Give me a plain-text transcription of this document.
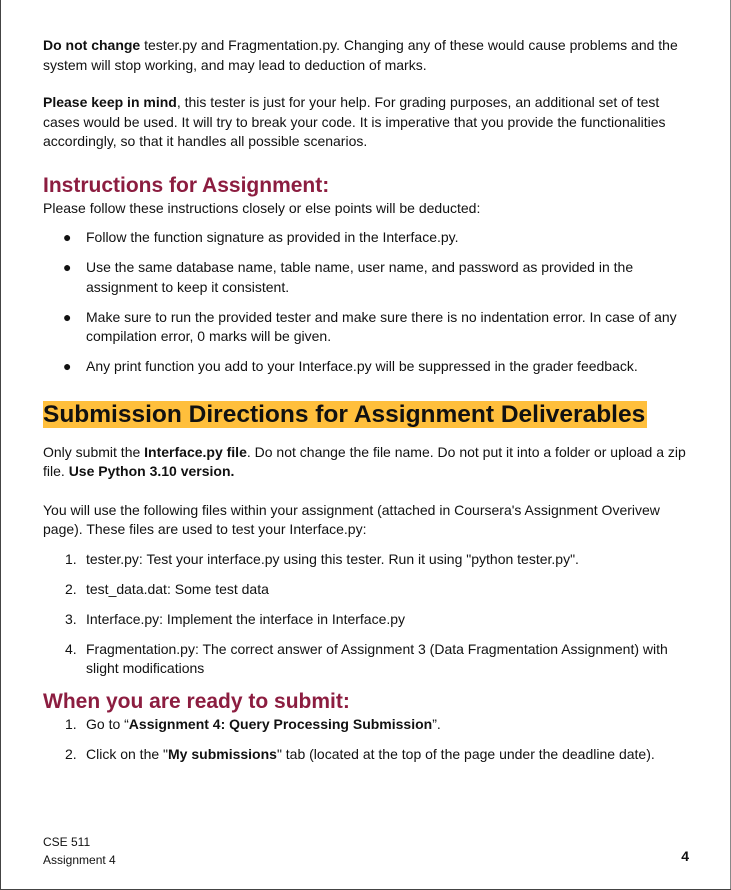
Do not change tester.py and Fragmentation.py. Changing any of these would cause problems and the system will stop working, and may lead to deduction of marks.

Please keep in mind, this tester is just for your help. For grading purposes, an additional set of test cases would be used. It will try to break your code. It is imperative that you provide the functionalities accordingly, so that it handles all possible scenarios.

Instructions for Assignment:

Please follow these instructions closely or else points will be deducted:

● Follow the function signature as provided in the Interface.py.
● Use the same database name, table name, user name, and password as provided in the assignment to keep it consistent.
● Make sure to run the provided tester and make sure there is no indentation error. In case of any compilation error, 0 marks will be given.
● Any print function you add to your Interface.py will be suppressed in the grader feedback.
Submission Directions for Assignment Deliverables

Only submit the Interface.py file. Do not change the file name. Do not put it into a folder or upload a zip file. Use Python 3.10 version.

You will use the following files within your assignment (attached in Coursera's Assignment Overivew page). These files are used to test your Interface.py:

1. tester.py: Test your interface.py using this tester. Run it using "python tester.py".
2. test_data.dat: Some test data
3. Interface.py: Implement the interface in Interface.py
4. Fragmentation.py: The correct answer of Assignment 3 (Data Fragmentation Assignment) with slight modifications
When you are ready to submit:
1. Go to “Assignment 4: Query Processing Submission”.
2. Click on the "My submissions" tab (located at the top of the page under the deadline date).
CSE 511
Assignment 4	4
